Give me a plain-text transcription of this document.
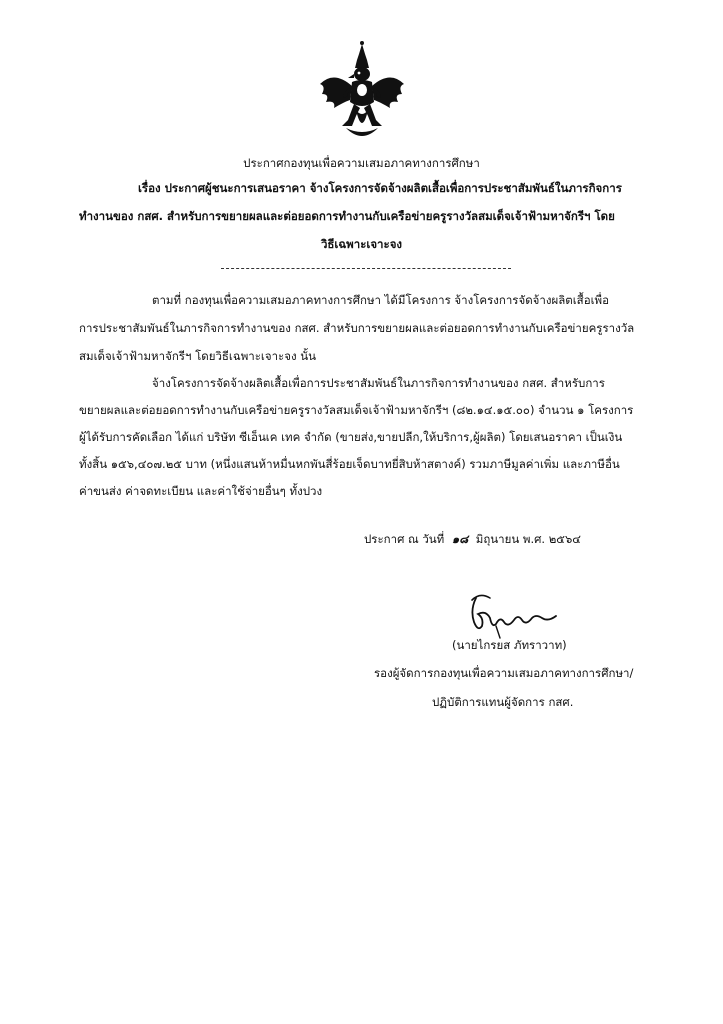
ประกาศกองทุนเพื่อความเสมอภาคทางการศึกษา
เรื่อง ประกาศผู้ชนะการเสนอราคา จ้างโครงการจัดจ้างผลิตเสื้อเพื่อการประชาสัมพันธ์ในภารกิจการ
ทำงานของ กสศ. สำหรับการขยายผลและต่อยอดการทำงานกับเครือข่ายครูรางวัลสมเด็จเจ้าฟ้ามหาจักรีฯ โดย
วิธีเฉพาะเจาะจง
ตามที่ กองทุนเพื่อความเสมอภาคทางการศึกษา ได้มีโครงการ จ้างโครงการจัดจ้างผลิตเสื้อเพื่อ
การประชาสัมพันธ์ในภารกิจการทำงานของ กสศ. สำหรับการขยายผลและต่อยอดการทำงานกับเครือข่ายครูรางวัล
สมเด็จเจ้าฟ้ามหาจักรีฯ โดยวิธีเฉพาะเจาะจง นั้น
จ้างโครงการจัดจ้างผลิตเสื้อเพื่อการประชาสัมพันธ์ในภารกิจการทำงานของ กสศ. สำหรับการ
ขยายผลและต่อยอดการทำงานกับเครือข่ายครูรางวัลสมเด็จเจ้าฟ้ามหาจักรีฯ (๘๒.๑๔.๑๕.๐๐) จำนวน ๑ โครงการ
ผู้ได้รับการคัดเลือก ได้แก่ บริษัท ซีเอ็นเค เทค จำกัด (ขายส่ง,ขายปลีก,ให้บริการ,ผู้ผลิต) โดยเสนอราคา เป็นเงิน
ทั้งสิ้น ๑๕๖,๔๐๗.๒๕ บาท (หนึ่งแสนห้าหมื่นหกพันสี่ร้อยเจ็ดบาทยี่สิบห้าสตางค์) รวมภาษีมูลค่าเพิ่ม และภาษีอื่น
ค่าขนส่ง ค่าจดทะเบียน และค่าใช้จ่ายอื่นๆ ทั้งปวง
ประกาศ ณ วันที่ ๑๘ มิถุนายน พ.ศ. ๒๕๖๔
(นายไกรยส ภัทราวาท)
รองผู้จัดการกองทุนเพื่อความเสมอภาคทางการศึกษา/
ปฏิบัติการแทนผู้จัดการ กสศ.
